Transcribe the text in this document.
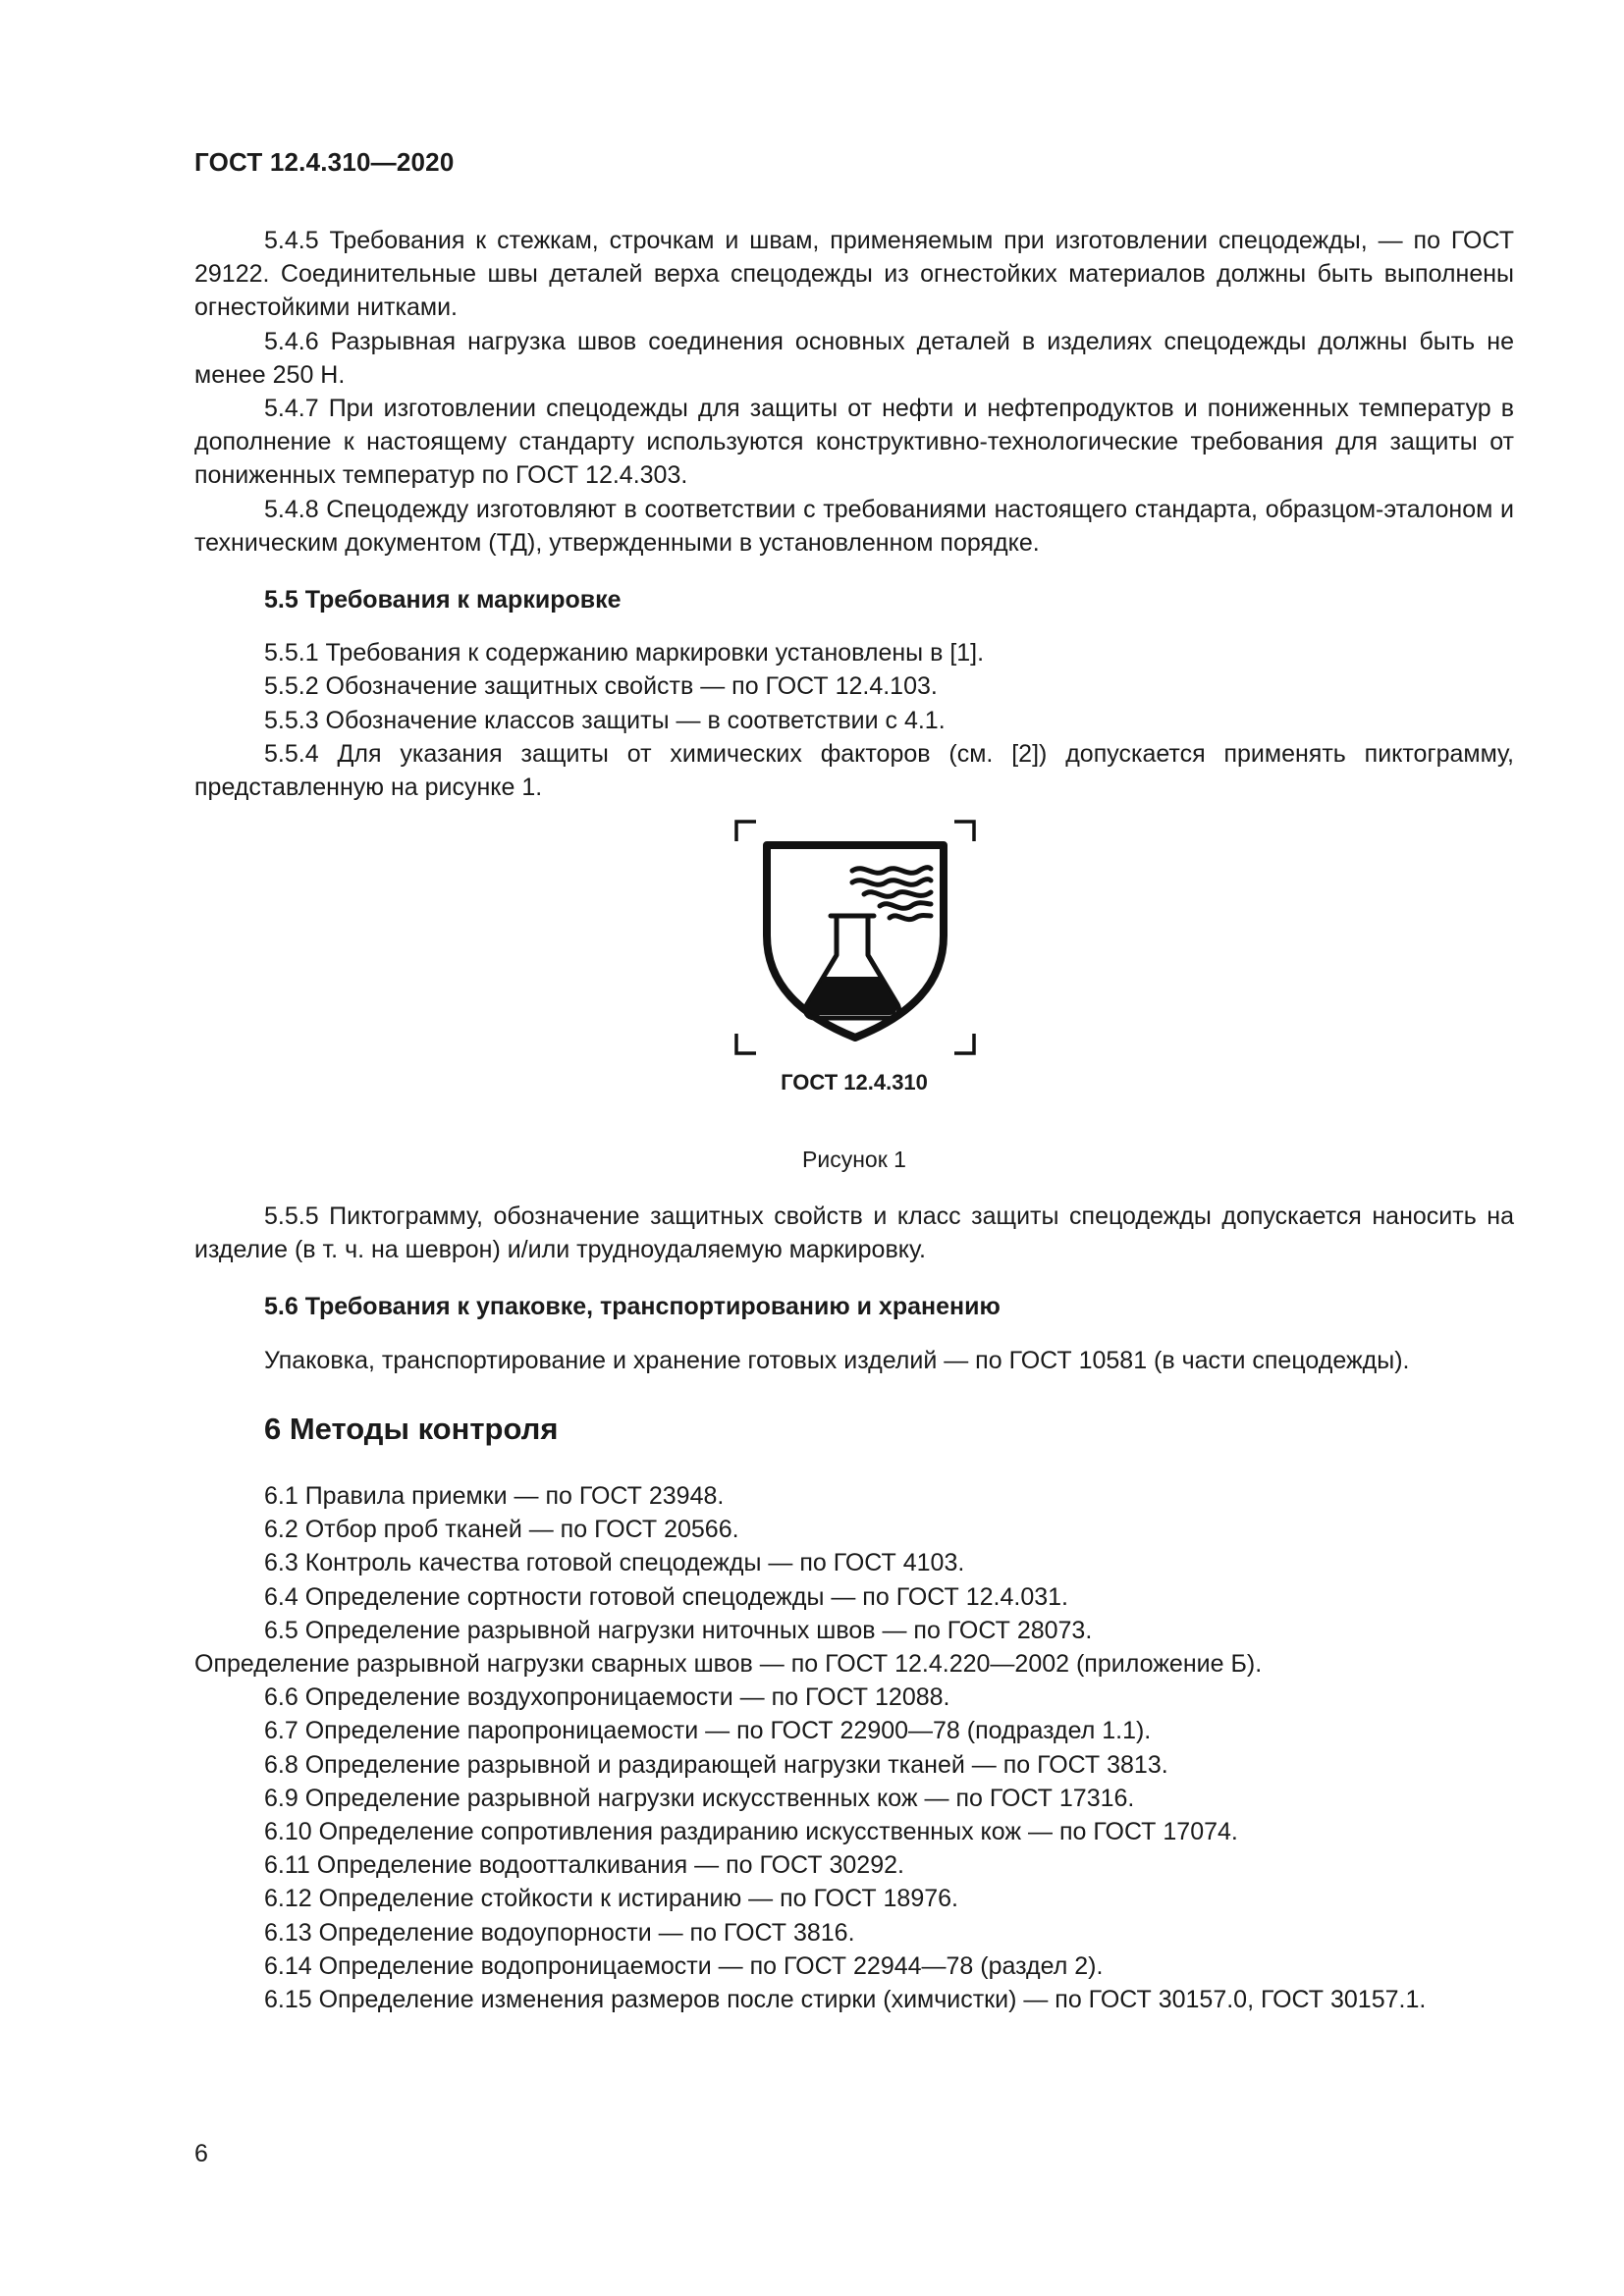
ГОСТ 12.4.310—2020

5.4.5 Требования к стежкам, строчкам и швам, применяемым при изготовлении спецодежды, — по ГОСТ 29122. Соединительные швы деталей верха спецодежды из огнестойких материалов должны быть выполнены огнестойкими нитками.

5.4.6 Разрывная нагрузка швов соединения основных деталей в изделиях спецодежды должны быть не менее 250 Н.

5.4.7 При изготовлении спецодежды для защиты от нефти и нефтепродуктов и пониженных температур в дополнение к настоящему стандарту используются конструктивно-технологические требования для защиты от пониженных температур по ГОСТ 12.4.303.

5.4.8 Спецодежду изготовляют в соответствии с требованиями настоящего стандарта, образцом-эталоном и техническим документом (ТД), утвержденными в установленном порядке.

5.5 Требования к маркировке

5.5.1 Требования к содержанию маркировки установлены в [1].

5.5.2 Обозначение защитных свойств — по ГОСТ 12.4.103.

5.5.3 Обозначение классов защиты — в соответствии с 4.1.

5.5.4 Для указания защиты от химических факторов (см. [2]) допускается применять пиктограмму, представленную на рисунке 1.

ГОСТ 12.4.310
Рисунок 1

5.5.5 Пиктограмму, обозначение защитных свойств и класс защиты спецодежды допускается наносить на изделие (в т. ч. на шеврон) и/или трудноудаляемую маркировку.

5.6 Требования к упаковке, транспортированию и хранению

Упаковка, транспортирование и хранение готовых изделий — по ГОСТ 10581 (в части спецодежды).

6 Методы контроля

6.1 Правила приемки — по ГОСТ 23948.

6.2 Отбор проб тканей — по ГОСТ 20566.

6.3 Контроль качества готовой спецодежды — по ГОСТ 4103.

6.4 Определение сортности готовой спецодежды — по ГОСТ 12.4.031.

6.5 Определение разрывной нагрузки ниточных швов — по ГОСТ 28073.

Определение разрывной нагрузки сварных швов — по ГОСТ 12.4.220—2002 (приложение Б).

6.6 Определение воздухопроницаемости — по ГОСТ 12088.

6.7 Определение паропроницаемости — по ГОСТ 22900—78 (подраздел 1.1).

6.8 Определение разрывной и раздирающей нагрузки тканей — по ГОСТ 3813.

6.9 Определение разрывной нагрузки искусственных кож — по ГОСТ 17316.

6.10 Определение сопротивления раздиранию искусственных кож — по ГОСТ 17074.

6.11 Определение водоотталкивания — по ГОСТ 30292.

6.12 Определение стойкости к истиранию — по ГОСТ 18976.

6.13 Определение водоупорности — по ГОСТ 3816.

6.14 Определение водопроницаемости — по ГОСТ 22944—78 (раздел 2).

6.15 Определение изменения размеров после стирки (химчистки) — по ГОСТ 30157.0, ГОСТ 30157.1.

6
